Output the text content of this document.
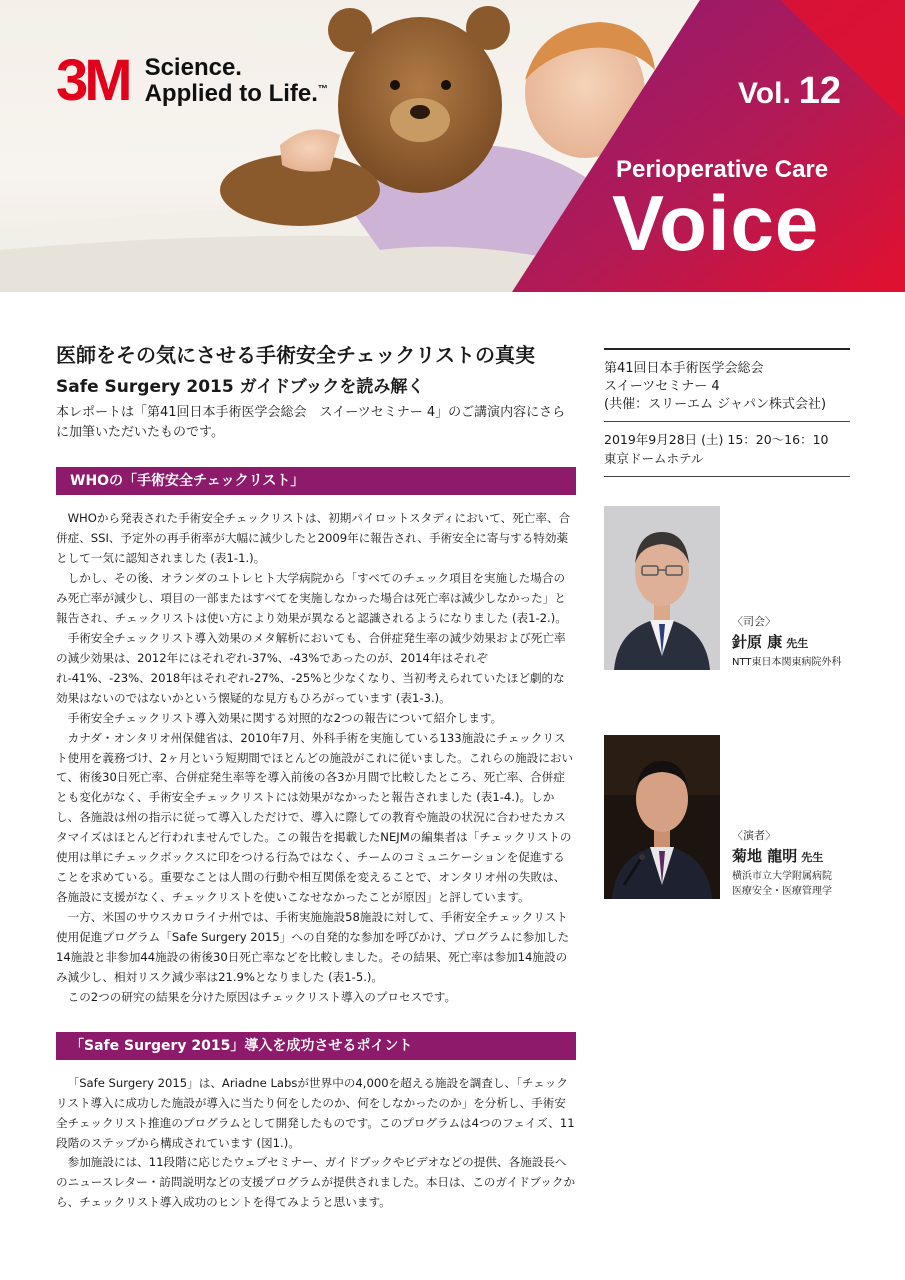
3M Science.
Applied to Life.™	Vol. 12
Perioperative Care
Voice
医師をその気にさせる手術安全チェックリストの真実
Safe Surgery 2015 ガイドブックを読み解く

本レポートは「第41回日本手術医学会総会　スイーツセミナー 4」のご講演内容にさらに加筆いただいたものです。

WHOの「手術安全チェックリスト」

WHOから発表された手術安全チェックリストは、初期パイロットスタディにおいて、死亡率、合併症、SSI、予定外の再手術率が大幅に減少したと2009年に報告され、手術安全に寄与する特効薬として一気に認知されました (表1-1.)。

しかし、その後、オランダのユトレヒト大学病院から「すべてのチェック項目を実施した場合のみ死亡率が減少し、項目の一部またはすべてを実施しなかった場合は死亡率は減少しなかった」と報告され、チェックリストは使い方により効果が異なると認識されるようになりました (表1-2.)。

手術安全チェックリスト導入効果のメタ解析においても、合併症発生率の減少効果および死亡率の減少効果は、2012年にはそれぞれ-37%、-43%であったのが、2014年はそれぞれ-41%、-23%、2018年はそれぞれ-27%、-25%と少なくなり、当初考えられていたほど劇的な効果はないのではないかという懐疑的な見方もひろがっています (表1-3.)。

手術安全チェックリスト導入効果に関する対照的な2つの報告について紹介します。

カナダ・オンタリオ州保健省は、2010年7月、外科手術を実施している133施設にチェックリスト使用を義務づけ、2ヶ月という短期間でほとんどの施設がこれに従いました。これらの施設において、術後30日死亡率、合併症発生率等を導入前後の各3か月間で比較したところ、死亡率、合併症とも変化がなく、手術安全チェックリストには効果がなかったと報告されました (表1-4.)。しかし、各施設は州の指示に従って導入しただけで、導入に際しての教育や施設の状況に合わせたカスタマイズはほとんど行われませんでした。この報告を掲載したNEJMの編集者は「チェックリストの使用は単にチェックボックスに印をつける行為ではなく、チームのコミュニケーションを促進することを求めている。重要なことは人間の行動や相互関係を変えることで、オンタリオ州の失敗は、各施設に支援がなく、チェックリストを使いこなせなかったことが原因」と評しています。

一方、米国のサウスカロライナ州では、手術実施施設58施設に対して、手術安全チェックリスト使用促進プログラム「Safe Surgery 2015」への自発的な参加を呼びかけ、プログラムに参加した14施設と非参加44施設の術後30日死亡率などを比較しました。その結果、死亡率は参加14施設のみ減少し、相対リスク減少率は21.9%となりました (表1-5.)。

この2つの研究の結果を分けた原因はチェックリスト導入のプロセスです。

「Safe Surgery 2015」導入を成功させるポイント

「Safe Surgery 2015」は、Ariadne Labsが世界中の4,000を超える施設を調査し、「チェックリスト導入に成功した施設が導入に当たり何をしたのか、何をしなかったのか」を分析し、手術安全チェックリスト推進のプログラムとして開発したものです。このプログラムは4つのフェイズ、11段階のステップから構成されています (図1.)。

参加施設には、11段階に応じたウェブセミナー、ガイドブックやビデオなどの提供、各施設長へのニュースレター・訪問説明などの支援プログラムが提供されました。本日は、このガイドブックから、チェックリスト導入成功のヒントを得てみようと思います。

第41回日本手術医学会総会
スイーツセミナー 4
(共催：スリーエム ジャパン株式会社)
2019年9月28日 (土) 15：20〜16：10
東京ドームホテル
〈司会〉
針原 康 先生
NTT東日本関東病院外科
〈演者〉
菊地 龍明 先生
横浜市立大学附属病院
医療安全・医療管理学
